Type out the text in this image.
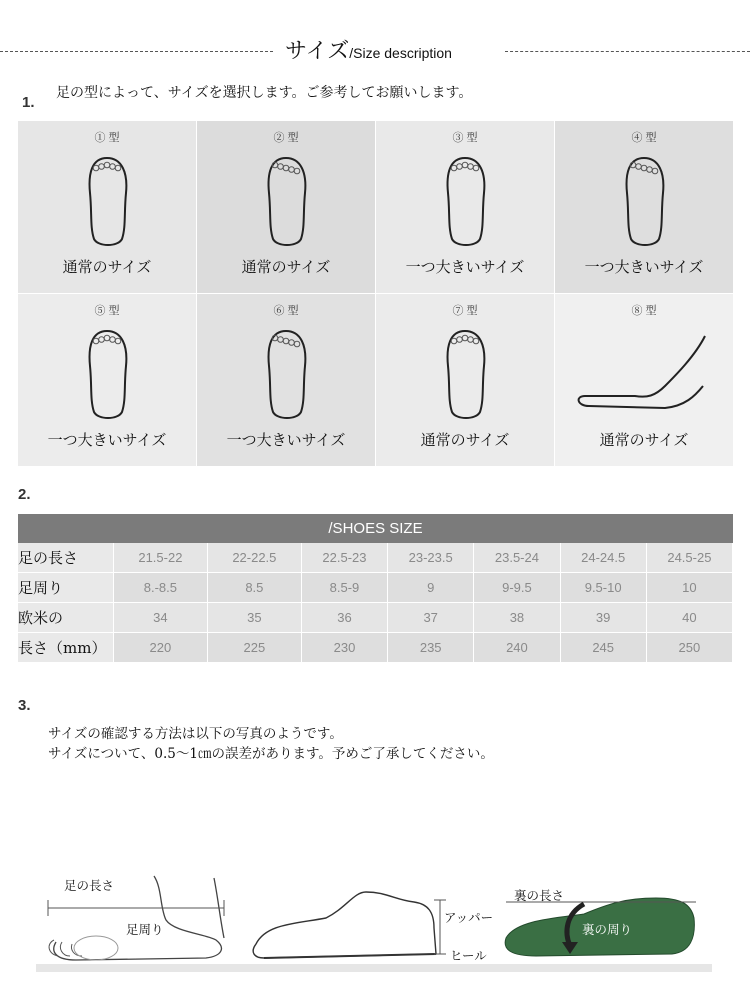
サイズ/Size description
1.
足の型によって、サイズを選択します。ご参考してお願いします。
① 型
通常のサイズ
② 型
通常のサイズ
③ 型
一つ大きいサイズ
④ 型
一つ大きいサイズ
⑤ 型
一つ大きいサイズ
⑥ 型
一つ大きいサイズ
⑦ 型
通常のサイズ
⑧ 型
通常のサイズ
2.
/SHOES SIZE
足の長さ	21.5-22	22-22.5	22.5-23	23-23.5	23.5-24	24-24.5	24.5-25
足周り	8.-8.5	8.5	8.5-9	9	9-9.5	9.5-10	10
欧米の	34	35	36	37	38	39	40
長さ（mm）	220	225	230	235	240	245	250
3.
サイズの確認する方法は以下の写真のようです。
サイズについて、0.5～1㎝の誤差があります。予めご了承してください。
足の長さ
足周り
アッパー
ヒール
裏の長さ
裏の周り
